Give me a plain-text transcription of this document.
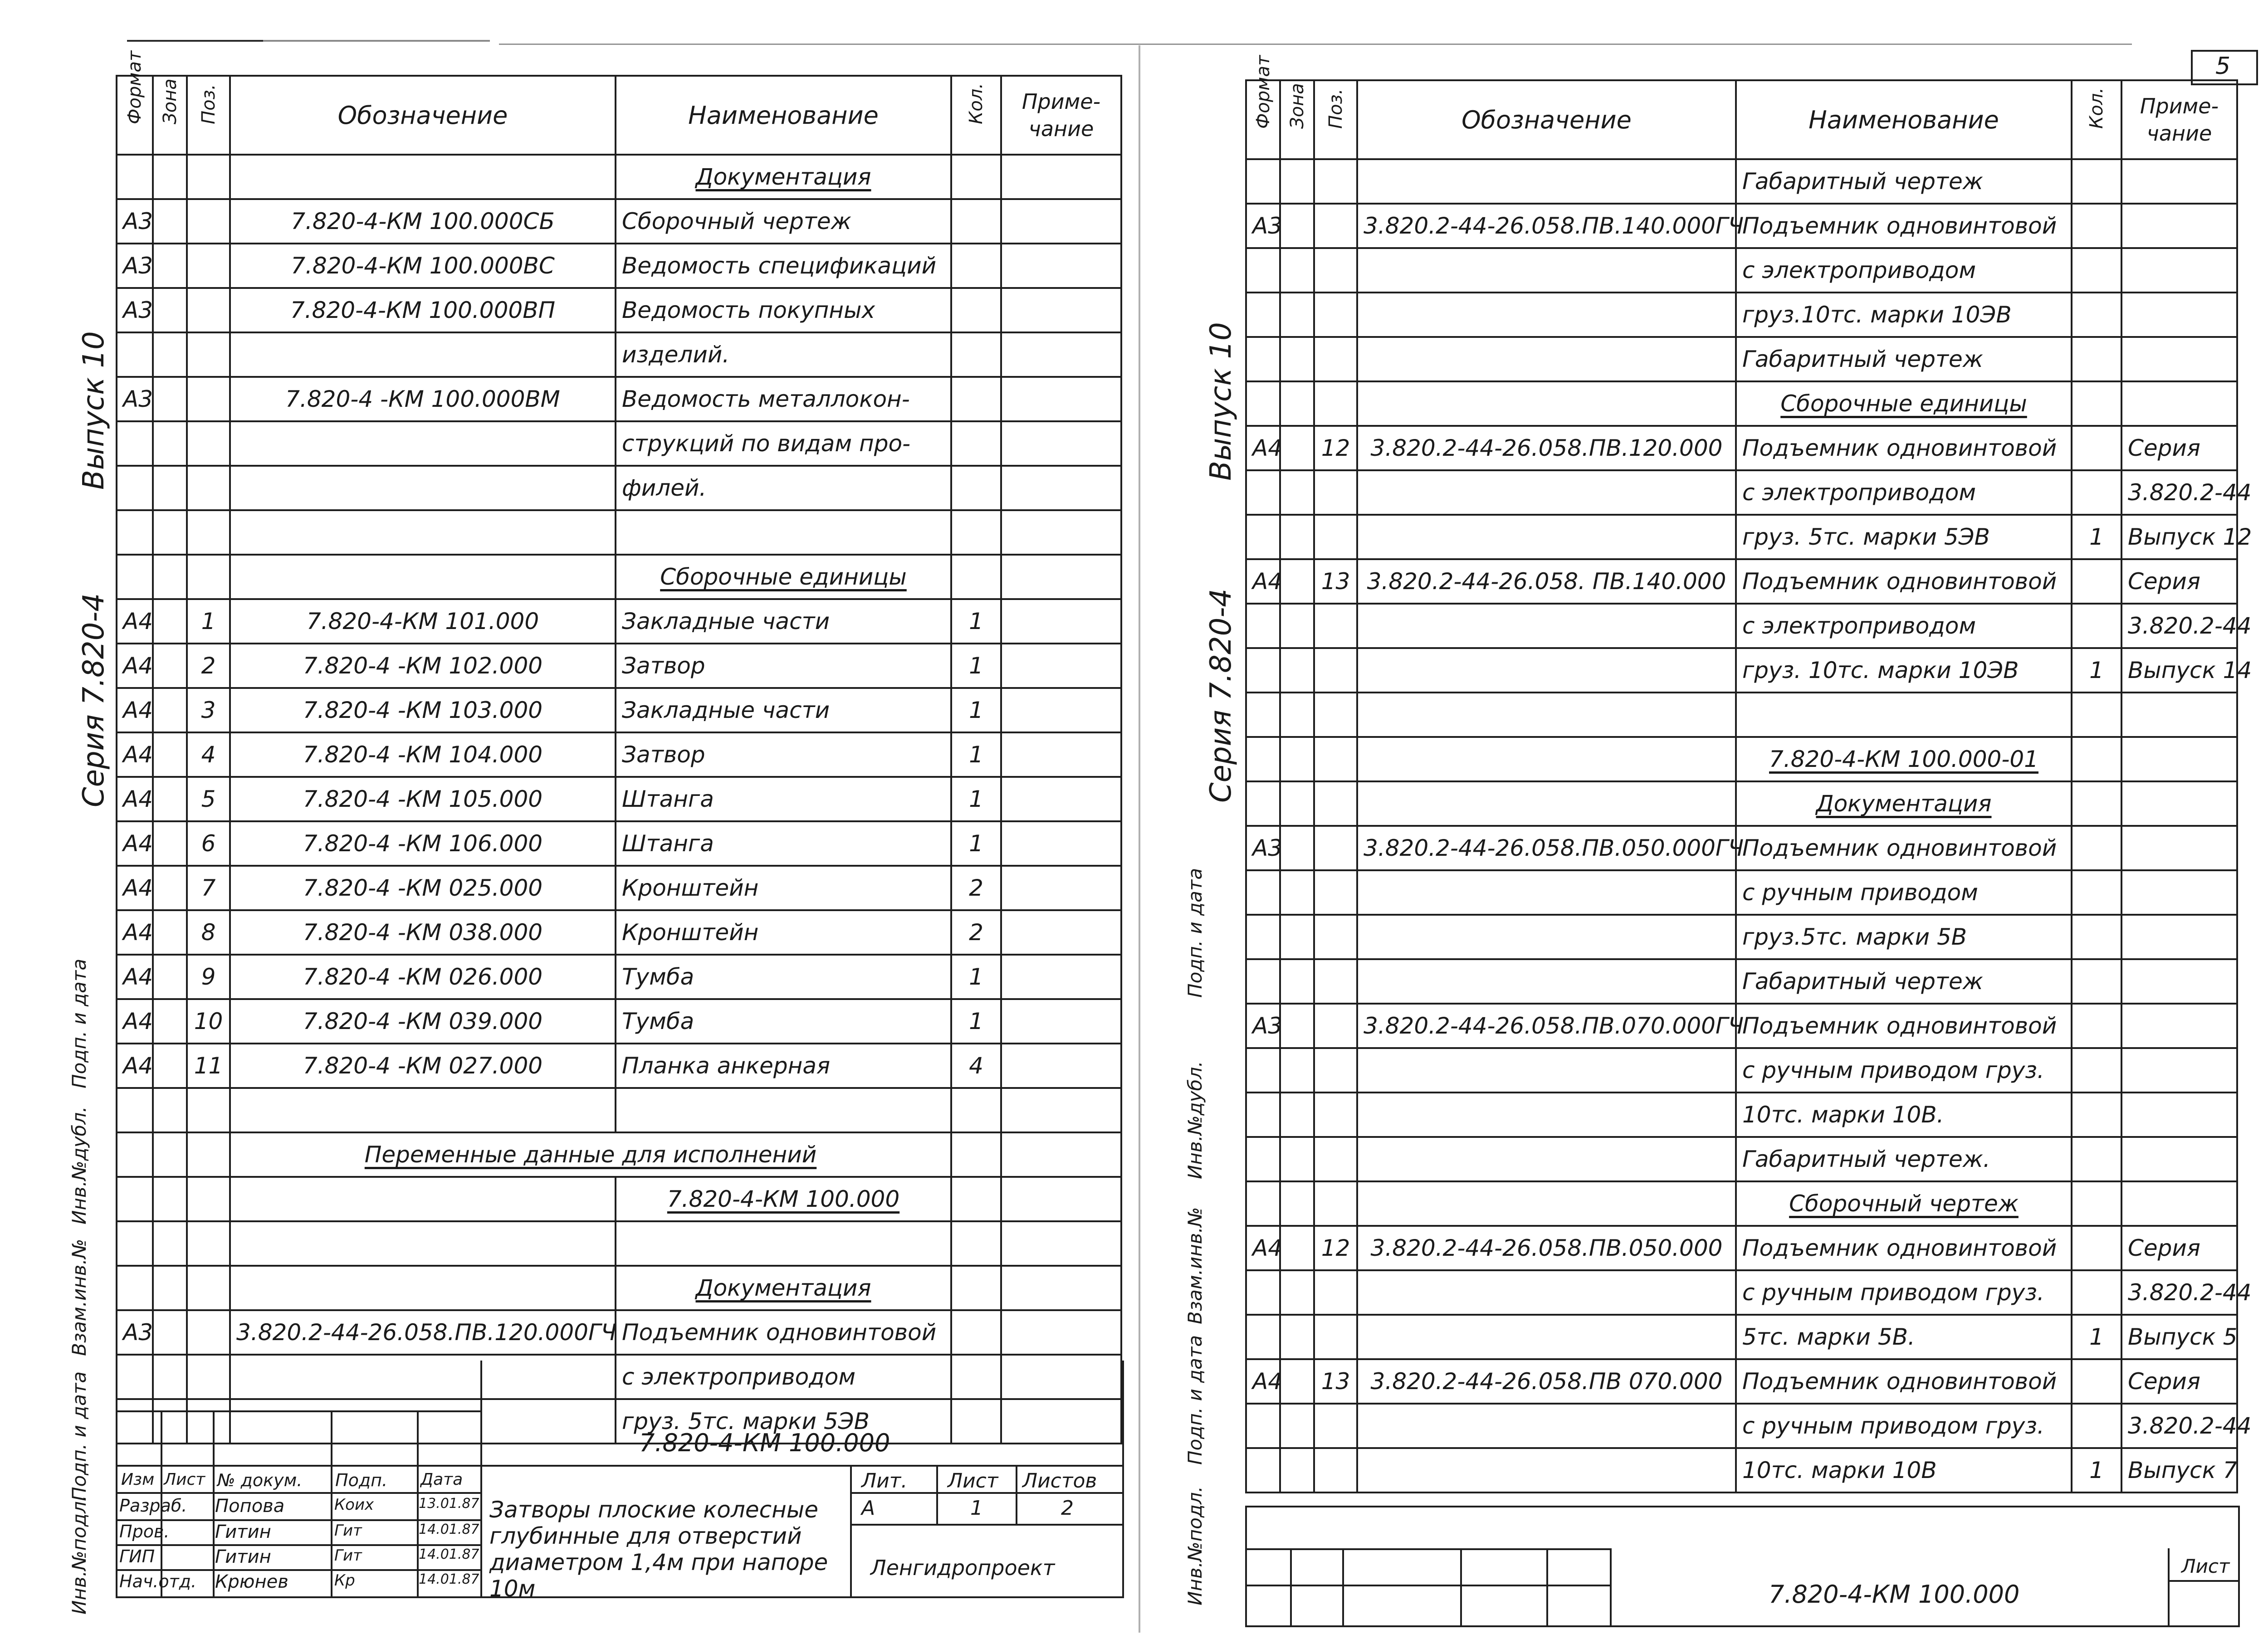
5
Выпуск 10
Серия 7.820-4
Подп. и дата
Инв.№дубл.
Взам.инв.№
Подп. и дата
Инв.№подл.
Формат	Зона	Поз.	Обозначение	Наименование	Кол.	Приме-
чание
				Документация		
А3			7.820-4-КМ 100.000СБ	Сборочный чертеж		
А3			7.820-4-КМ 100.000ВС	Ведомость спецификаций		
А3			7.820-4-КМ 100.000ВП	Ведомость покупных		
				изделий.		
А3			7.820-4 -КМ 100.000ВМ	Ведомость металлокон-		
				струкций по видам про-		
				филей.		

				Сборочные единицы		
А4		1	7.820-4-КМ 101.000	Закладные части	1	
А4		2	7.820-4 -КМ 102.000	Затвор	1	
А4		3	7.820-4 -КМ 103.000	Закладные части	1	
А4		4	7.820-4 -КМ 104.000	Затвор	1	
А4		5	7.820-4 -КМ 105.000	Штанга	1	
А4		6	7.820-4 -КМ 106.000	Штанга	1	
А4		7	7.820-4 -КМ 025.000	Кронштейн	2	
А4		8	7.820-4 -КМ 038.000	Кронштейн	2	
А4		9	7.820-4 -КМ 026.000	Тумба	1	
А4		10	7.820-4 -КМ 039.000	Тумба	1	
А4		11	7.820-4 -КМ 027.000	Планка анкерная	4	

			Переменные данные для исполнений			
				7.820-4-КМ 100.000		

				Документация		
А3			3.820.2-44-26.058.ПВ.120.000ГЧ	Подъемник одновинтовой		
				с электроприводом		
				груз. 5тс. марки 5ЭВ		
7.820-4-КМ 100.000
Изм Лист № докум. Подп. Дата
Разраб. Попова	Коих	13.01.87
Пров.	Гитин	Гит	14.01.87
ГИП	Гитин	Гит	14.01.87
Нач.отд. Крюнев	Кр	14.01.87
Затворы плоские колесные глубинные для отверстий диаметром 1,4м при напоре 10м
Лит. Лист Листов
А	1	2
Ленгидропроект
Выпуск 10
Серия 7.820-4
Подп. и дата
Инв.№дубл.
Взам.инв.№
Подп. и дата
Инв.№подл.
Формат	Зона	Поз.	Обозначение	Наименование	Кол.	Приме-
чание
				Габаритный чертеж		
А3			3.820.2-44-26.058.ПВ.140.000ГЧ	Подъемник одновинтовой		
				с электроприводом		
				груз.10тс. марки 10ЭВ		
				Габаритный чертеж		
				Сборочные единицы		
А4		12	3.820.2-44-26.058.ПВ.120.000	Подъемник одновинтовой		Серия
				с электроприводом		3.820.2-44
				груз. 5тс. марки 5ЭВ	1	Выпуск 12
А4		13	3.820.2-44-26.058. ПВ.140.000	Подъемник одновинтовой		Серия
				с электроприводом		3.820.2-44
				груз. 10тс. марки 10ЭВ	1	Выпуск 14

				7.820-4-КМ 100.000-01		
				Документация		
А3			3.820.2-44-26.058.ПВ.050.000ГЧ	Подъемник одновинтовой		
				с ручным приводом		
				груз.5тс. марки 5В		
				Габаритный чертеж		
А3			3.820.2-44-26.058.ПВ.070.000ГЧ	Подъемник одновинтовой		
				с ручным приводом груз.		
				10тс. марки 10В.		
				Габаритный чертеж.		
				Сборочный чертеж		
А4		12	3.820.2-44-26.058.ПВ.050.000	Подъемник одновинтовой		Серия
				с ручным приводом груз.		3.820.2-44
				5тс. марки 5В.	1	Выпуск 5
А4		13	3.820.2-44-26.058.ПВ 070.000	Подъемник одновинтовой		Серия
				с ручным приводом груз.		3.820.2-44
				10тс. марки 10В	1	Выпуск 7
7.820-4-КМ 100.000
Лист
